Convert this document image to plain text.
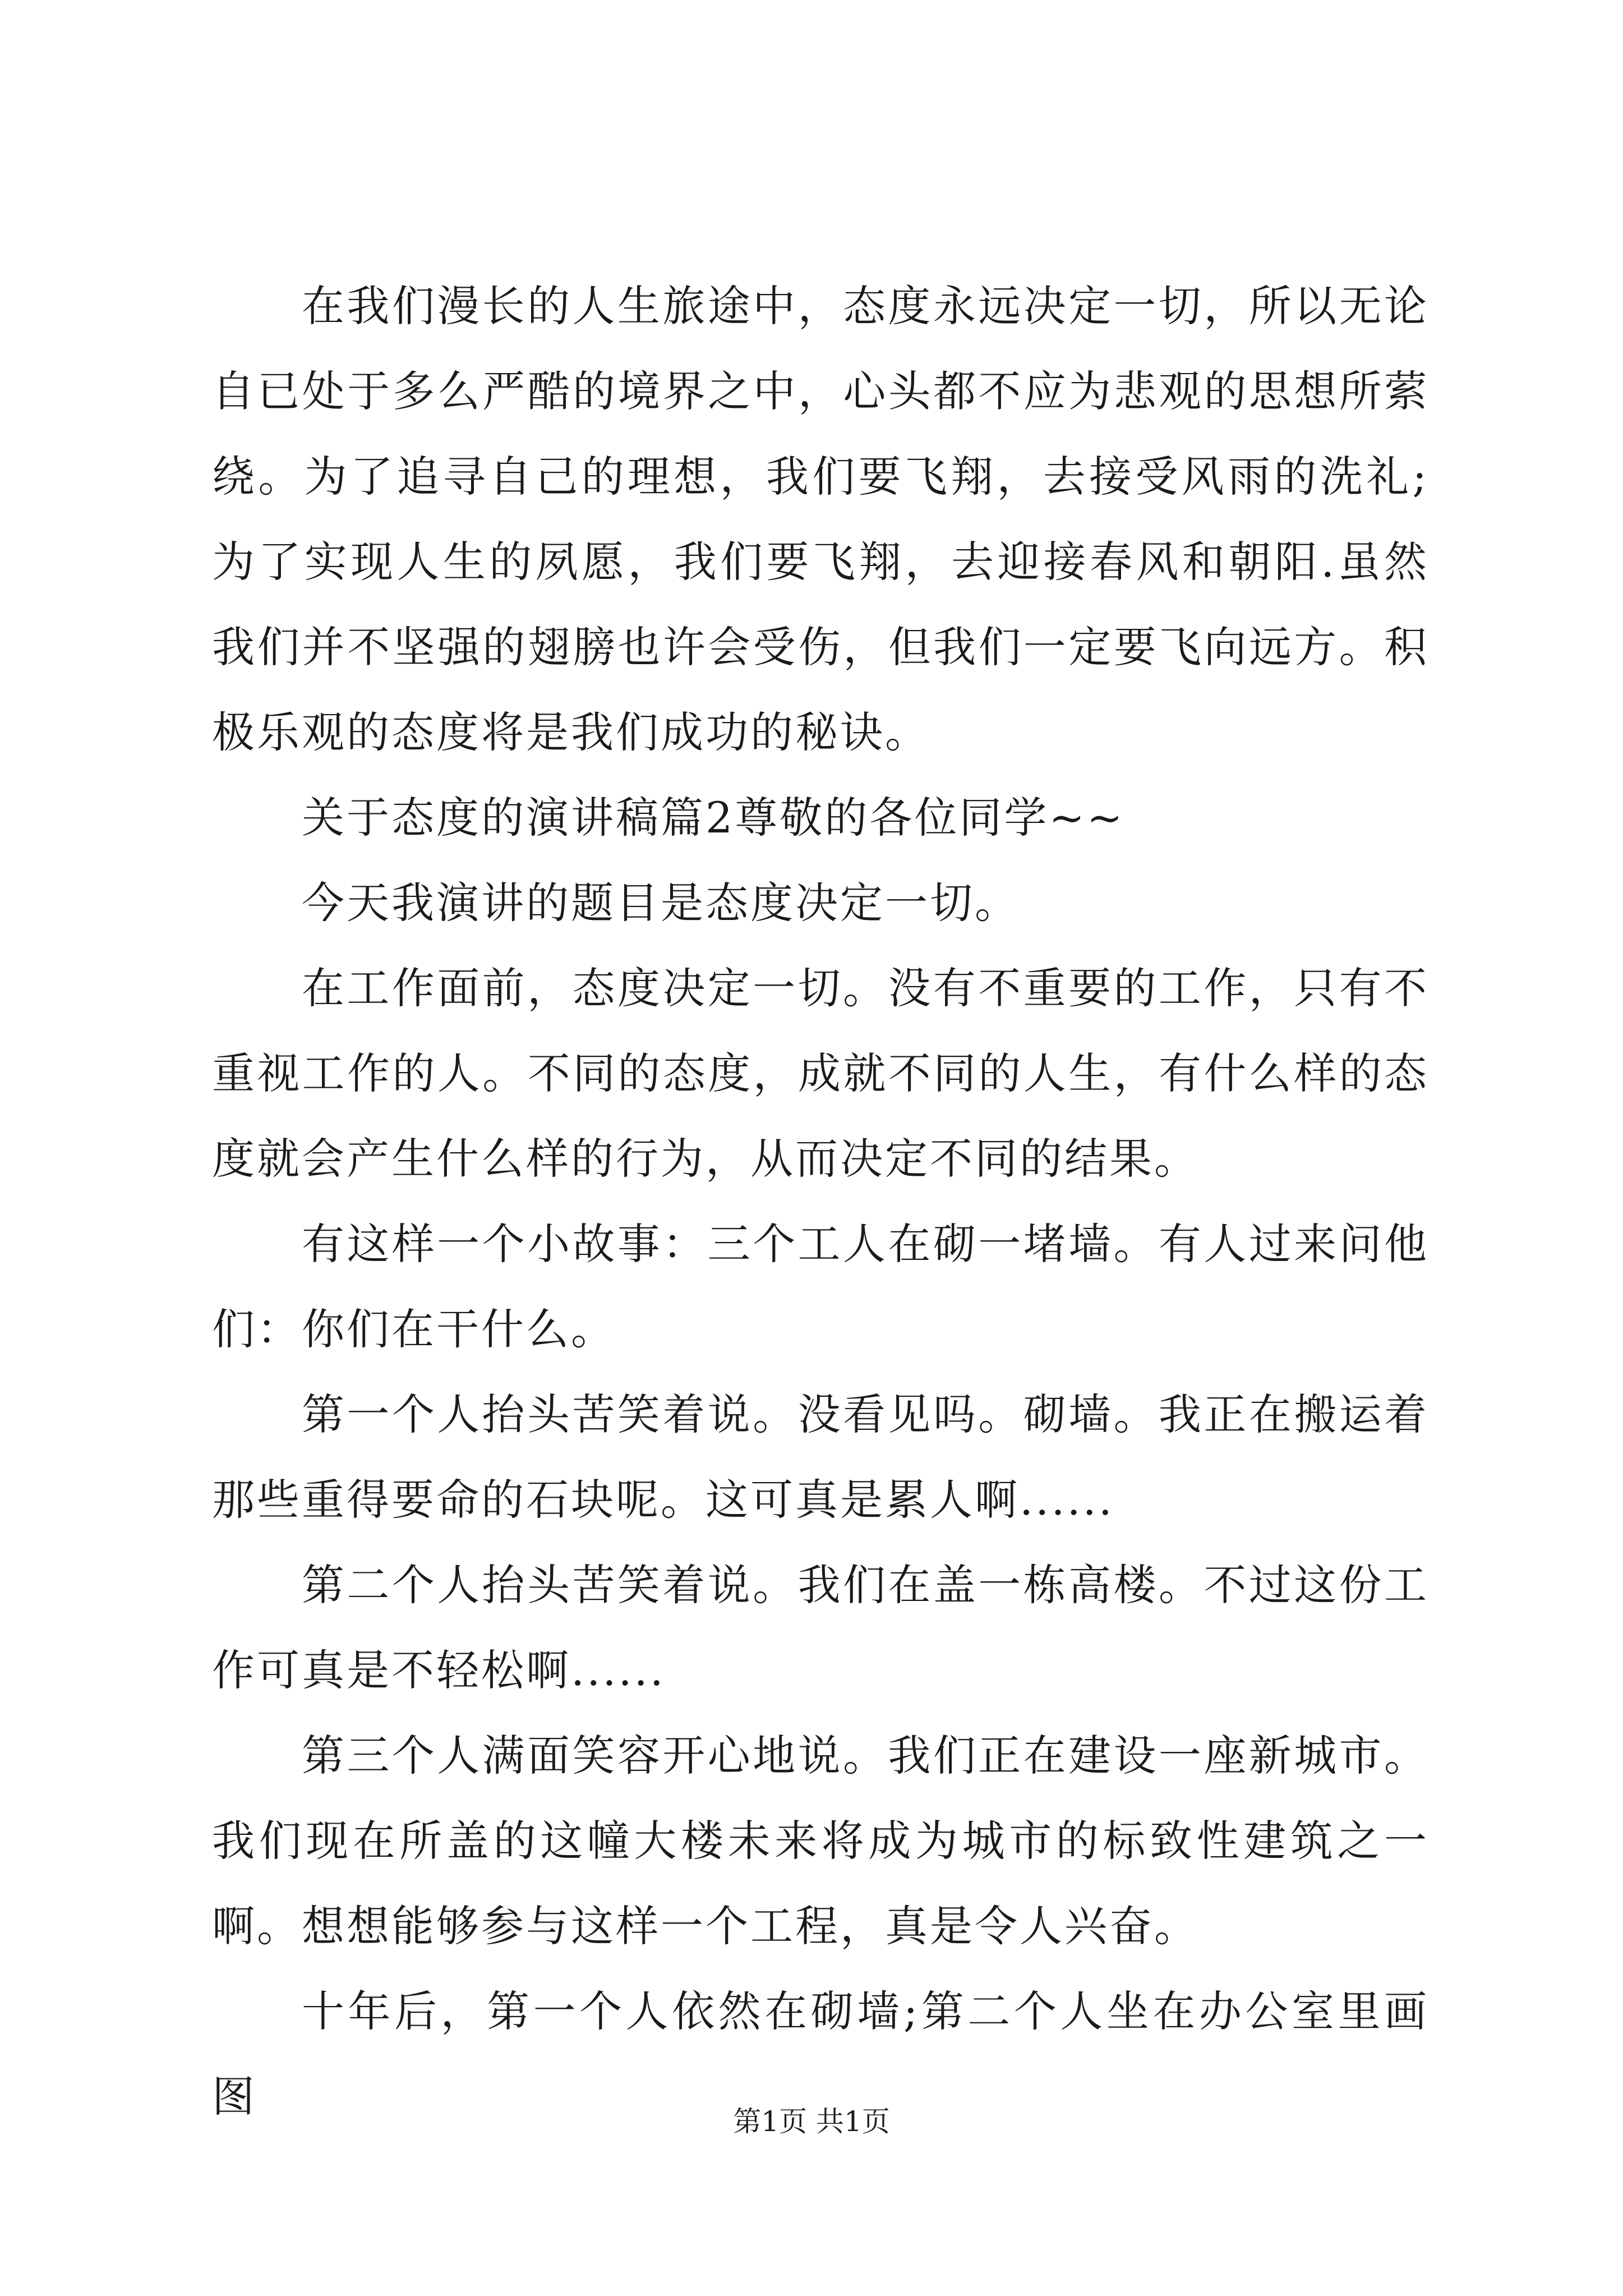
在我们漫长的人生旅途中，态度永远决定一切，所以无论自已处于多么严酷的境界之中，心头都不应为悲观的思想所萦绕。为了追寻自己的理想，我们要飞翔，去接受风雨的洗礼;为了实现人生的夙愿，我们要飞翔，去迎接春风和朝阳.虽然我们并不坚强的翅膀也许会受伤，但我们一定要飞向远方。积极乐观的态度将是我们成功的秘诀。

关于态度的演讲稿篇2尊敬的各位同学~~

今天我演讲的题目是态度决定一切。

在工作面前，态度决定一切。没有不重要的工作，只有不重视工作的人。不同的态度，成就不同的人生，有什么样的态度就会产生什么样的行为，从而决定不同的结果。

有这样一个小故事：三个工人在砌一堵墙。有人过来问他们：你们在干什么。

第一个人抬头苦笑着说。没看见吗。砌墙。我正在搬运着那些重得要命的石块呢。这可真是累人啊......

第二个人抬头苦笑着说。我们在盖一栋高楼。不过这份工作可真是不轻松啊......

第三个人满面笑容开心地说。我们正在建设一座新城市。我们现在所盖的这幢大楼未来将成为城市的标致性建筑之一啊。想想能够参与这样一个工程，真是令人兴奋。

十年后，第一个人依然在砌墙;第二个人坐在办公室里画图	第1页 共1页
